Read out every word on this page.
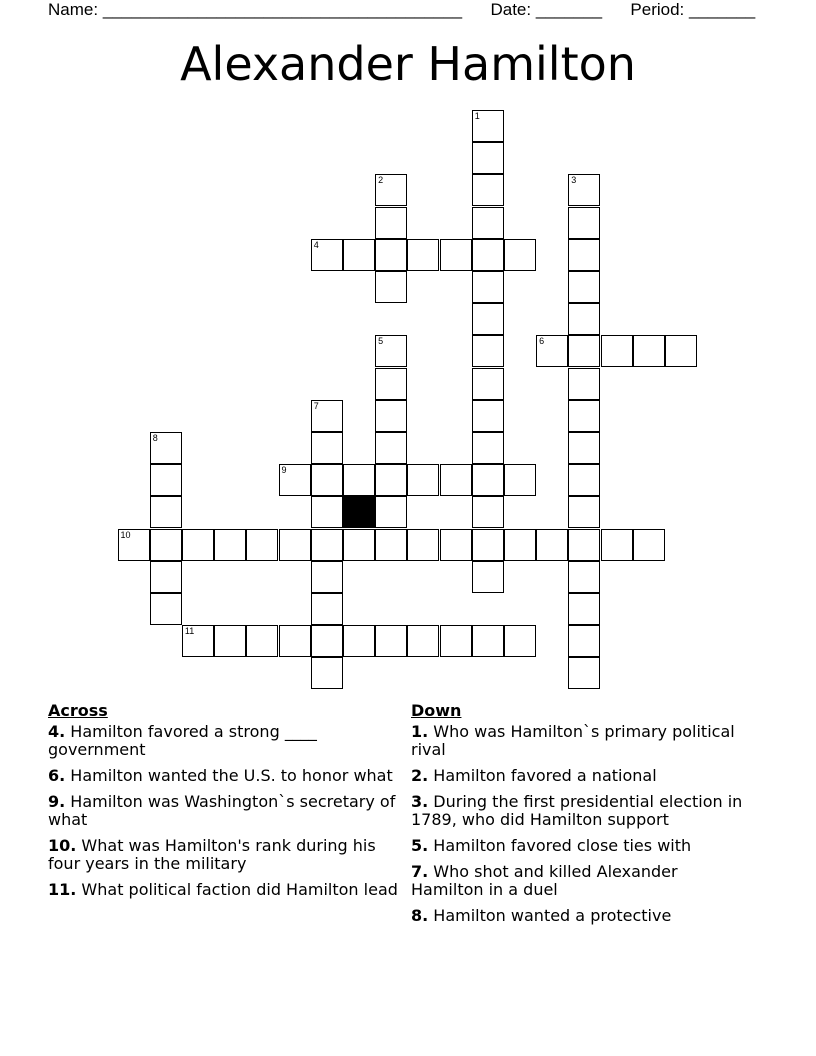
Name: ______________________________________ Date: _______ Period: _______
Alexander Hamilton
1
2	3
4
5	6
7
8
9
10
11
Across
4. Hamilton favored a strong ____ government
6. Hamilton wanted the U.S. to honor what
9. Hamilton was Washington`s secretary of what
10. What was Hamilton's rank during his four years in the military
11. What political faction did Hamilton lead
Down
1. Who was Hamilton`s primary political rival
2. Hamilton favored a national
3. During the first presidential election in 1789, who did Hamilton support
5. Hamilton favored close ties with
7. Who shot and killed Alexander Hamilton in a duel
8. Hamilton wanted a protective
